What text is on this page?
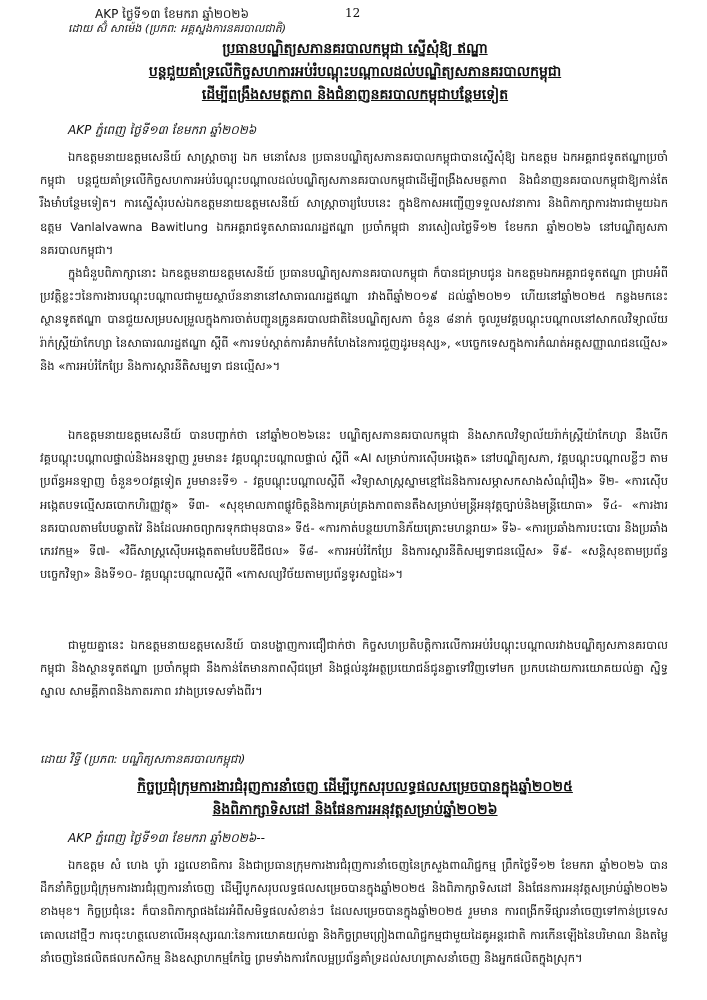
AKP ថ្ងៃទី១៣ ខែមករា ឆ្នាំ២០២៦	12
ដោយ ស៊ំ សាម៉េង (ប្រភព: អគ្គស្នងការនគរបាលជាតិ)
ប្រធានបណ្ឌិត្យសភានគរបាលកម្ពុជា ស្នើសុំឱ្យ ឥណ្ឌា
បន្តជួយគាំទ្រលើកិច្ចសហការអប់រំបណ្តុះបណ្តាលដល់បណ្ឌិត្យសភានគរបាលកម្ពុជា
ដើម្បីពង្រឹងសមត្ថភាព និងជំនាញនគរបាលកម្ពុជាបន្ថែមទៀត
AKP ភ្នំពេញ ថ្ងៃទី១៣ ខែមករា ឆ្នាំ២០២៦

ឯកឧត្តមនាយឧត្តមសេនីយ៍ សាស្ត្រាចារ្យ ឯក មនោសែន ប្រធានបណ្ឌិត្យសភានគរបាលកម្ពុជាបានស្នើសុំឱ្យ ឯកឧត្តម ឯកអគ្គរាជទូតឥណ្ឌាប្រចាំកម្ពុជា បន្តជួយគាំទ្រលើកិច្ចសហការអប់រំបណ្តុះបណ្តាលដល់បណ្ឌិត្យសភានគរបាលកម្ពុជាដើម្បីពង្រឹងសមត្ថភាព និងជំនាញនគរបាលកម្ពុជាឱ្យកាន់តែរឹងមាំបន្ថែមទៀត។ ការស្នើសុំរបស់ឯកឧត្តមនាយឧត្តមសេនីយ៍ សាស្ត្រាចារ្យបែបនេះ ក្នុងឱកាសអញ្ជើញទទួលសវនាការ និងពិភាក្សាការងារជាមួយឯកឧត្តម Vanlalvawna Bawitlung ឯកអគ្គរាជទូតសាធារណរដ្ឋឥណ្ឌា ប្រចាំកម្ពុជា នារសៀលថ្ងៃទី១២ ខែមករា ឆ្នាំ២០២៦ នៅបណ្ឌិត្យសភានគរបាលកម្ពុជា។

ក្នុងជំនួបពិភាក្សានោះ ឯកឧត្តមនាយឧត្តមសេនីយ៍ ប្រធានបណ្ឌិត្យសភានគរបាលកម្ពុជា ក៏បានជម្រាបជូន ឯកឧត្តមឯកអគ្គរាជទូតឥណ្ឌា ជ្រាបអំពីប្រវត្តិខ្លះៗនៃការងារបណ្តុះបណ្តាលជាមួយស្ថាប័ននានានៅសាធារណរដ្ឋឥណ្ឌា រវាងពីឆ្នាំ២០១៩ ដល់ឆ្នាំ២០២១ ហើយនៅឆ្នាំ២០២៥ កន្លងមកនេះ ស្ថានទូតឥណ្ឌា បានជួយសម្របសម្រួលក្នុងការចាត់បញ្ជូនគ្រូនគរបាលជាតិនៃបណ្ឌិត្យសភា ចំនួន ៨នាក់ ចូលរួមវគ្គបណ្តុះបណ្តាលនៅសាកលវិទ្យាល័យរ៉ាក់ស្រ្តីយ៉ាកែហ្សា នៃសាធារណរដ្ឋឥណ្ឌា ស្តីពី «ការទប់ស្កាត់ការគំរាមកំហែងនៃការជួញដូរមនុស្ស», «បច្ចេកទេសក្នុងការកំណត់អត្តសញ្ញាណជនល្មើស» និង «ការអប់រំកែប្រែ និងការស្តារនីតិសម្បទា ជនល្មើស»។

ឯកឧត្តមនាយឧត្តមសេនីយ៍ បានបញ្ជាក់ថា នៅឆ្នាំ២០២៦នេះ បណ្ឌិត្យសភានគរបាលកម្ពុជា និងសាកលវិទ្យាល័យរ៉ាក់ស្រ្តីយ៉ាកែហ្សា នឹងបើកវគ្គបណ្តុះបណ្តាលផ្ទាល់និងអនឡាញ រួមមាន៖ វគ្គបណ្តុះបណ្តាលផ្ទាល់ ស្តីពី «AI សម្រាប់ការស៊ើបអង្កេត» នៅបណ្ឌិត្យសភា, វគ្គបណ្តុះបណ្តាលខ្លីៗ តាមប្រព័ន្ធអនឡាញ ចំនួន១០វគ្គទៀត រួមមាន៖ទី១ - វគ្គបណ្តុះបណ្តាលស្តីពី «វិទ្យាសាស្ត្រស្នាមខ្មៅដៃនិងការសម្ភាសកសាងសំណុំរឿង» ទី២- «ការស៊ើបអង្កេតបទល្មើសឆបោកហិរញ្ញវត្ថុ» ទី៣- «សុខុមាលភាពផ្លូវចិត្តនិងការគ្រប់គ្រងភាពតានតឹងសម្រាប់មន្ត្រីអនុវត្តច្បាប់និងមន្ត្រីយោធា» ទី៤- «ការងារនគរបាលតាមបែបឆ្លាតវៃ និងដែលអាចព្យាករទុកជាមុនបាន» ទី៥- «ការកាត់បន្ថយហានិភ័យគ្រោះមហន្តរាយ» ទី៦- «ការប្រឆាំងការបះបោរ និងប្រឆាំងភេរវកម្ម» ទី៧- «វិធីសាស្ត្រស៊ើបអង្កេតតាមបែបឌីជីថល» ទី៨- «ការអប់រំកែប្រែ និងការស្តារនីតិសម្បទាជនល្មើស» ទី៩- «សន្តិសុខតាមប្រព័ន្ធបច្ចេកវិទ្យា» និងទី១០- វគ្គបណ្តុះបណ្តាលស្តីពី «កោសល្យវិច័យតាមប្រព័ន្ធទូរសព្ទដៃ»។

ជាមួយគ្នានេះ ឯកឧត្តមនាយឧត្តមសេនីយ៍ បានបង្ហាញការជឿជាក់ថា កិច្ចសហប្រតិបត្តិការលើការអប់រំបណ្តុះបណ្តាលរវាងបណ្ឌិត្យសភានគរបាលកម្ពុជា និងស្ថានទូតឥណ្ឌា ប្រចាំកម្ពុជា នឹងកាន់តែមានភាពស៊ីជម្រៅ និងផ្តល់នូវអត្ថប្រយោជន៍ជូនគ្នាទៅវិញទៅមក ប្រកបដោយការយោគយល់គ្នា ស្និទ្ធស្នាល សាមគ្គីភាពនិងភាតរភាព រវាងប្រទេសទាំងពីរ។

ដោយ វិទ្ធី (ប្រភព: បណ្ឌិត្យសភានគរបាលកម្ពុជា)
កិច្ចប្រជុំក្រុមការងារជំរុញការនាំចេញ ដើម្បីបូកសរុបលទ្ធផលសម្រេចបានក្នុងឆ្នាំ២០២៥
និងពិភាក្សាទិសដៅ និងផែនការអនុវត្តសម្រាប់ឆ្នាំ២០២៦
AKP ភ្នំពេញ ថ្ងៃទី១៣ ខែមករា ឆ្នាំ២០២៦--

ឯកឧត្តម សំ ហេង បូរ៉ា រដ្ឋលេខាធិការ និងជាប្រធានក្រុមការងារជំរុញការនាំចេញនៃក្រសួងពាណិជ្ជកម្ម ព្រឹកថ្ងៃទី១២ ខែមករា ឆ្នាំ២០២៦ បានដឹកនាំកិច្ចប្រជុំក្រុមការងារជំរុញការនាំចេញ ដើម្បីបូកសរុបលទ្ធផលសម្រេចបានក្នុងឆ្នាំ២០២៥ និងពិភាក្សាទិសដៅ និងផែនការអនុវត្តសម្រាប់ឆ្នាំ២០២៦ ខាងមុខ។ កិច្ចប្រជុំនេះ ក៏បានពិភាក្សាផងដែរអំពីសមិទ្ធផលសំខាន់ៗ ដែលសម្រេចបានក្នុងឆ្នាំ២០២៥ រួមមាន ការពង្រីកទីផ្សារនាំចេញទៅកាន់ប្រទេសគោលដៅថ្មីៗ ការចុះហត្ថលេខាលើអនុស្សរណៈនៃការយោគយល់គ្នា និងកិច្ចព្រមព្រៀងពាណិជ្ជកម្មជាមួយដៃគូអន្តរជាតិ ការកើនឡើងនៃបរិមាណ និងតម្លៃនាំចេញនៃផលិតផលកសិកម្ម និងឧស្សាហកម្មកែច្នៃ ព្រមទាំងការកែលម្អប្រព័ន្ធគាំទ្រដល់សហគ្រាសនាំចេញ និងអ្នកផលិតក្នុងស្រុក។
